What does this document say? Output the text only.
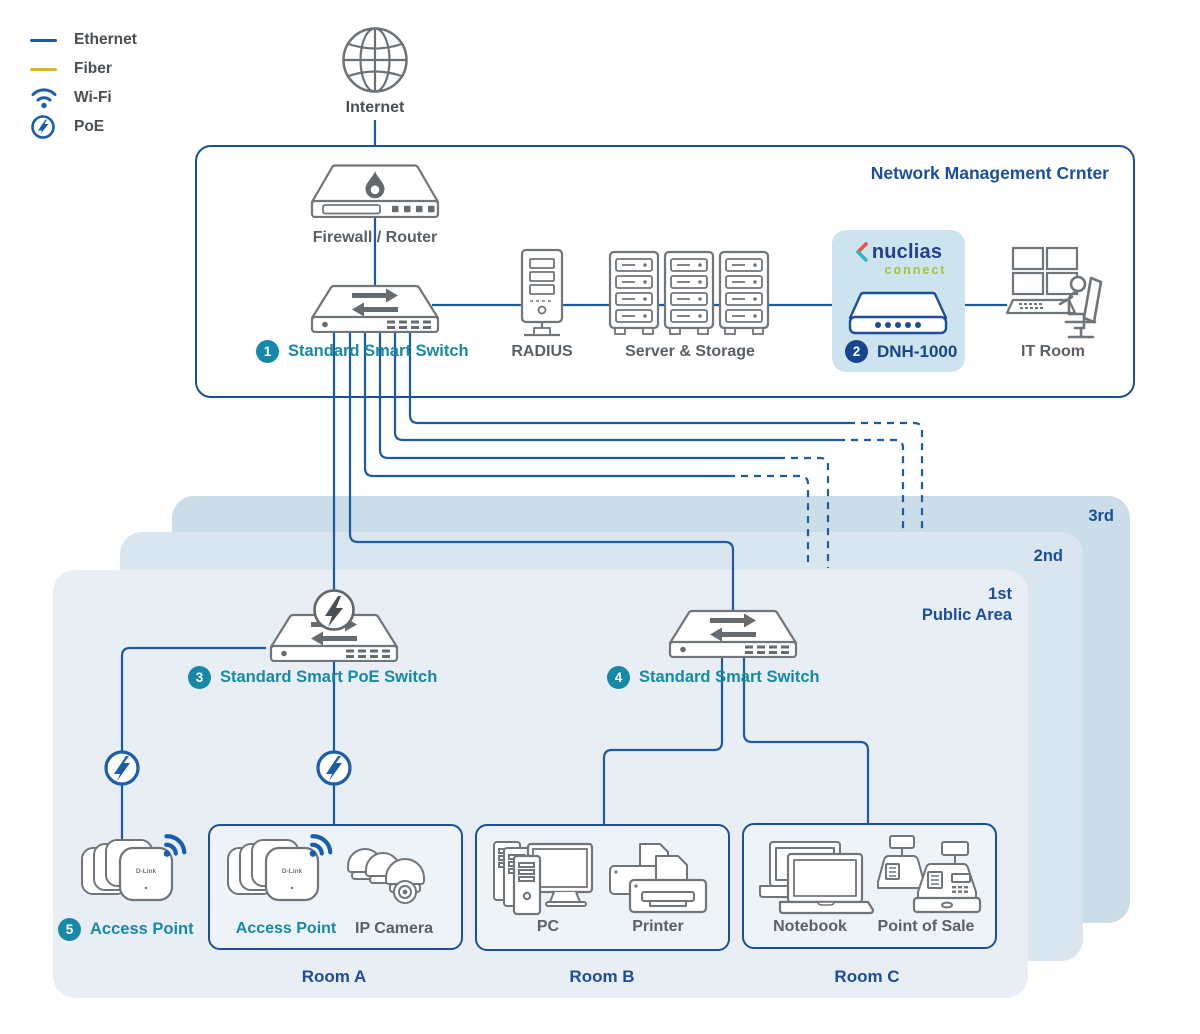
3rd
2nd
1st
Public Area
Network Management Crnter
nuclias
connect
Ethernet
Fiber
Wi-Fi
PoE
Internet
Firewall / Router
1	Standard Smart Switch	RADIUS	Server & Storage	2 DNH-1000	IT Room
3	Standard Smart PoE Switch	4	Standard Smart Switch
D-Link
5	Access Point
D-Link
Access Point IP Camera	PC	Printer	Notebook Point of Sale
Room A	Room B	Room C
